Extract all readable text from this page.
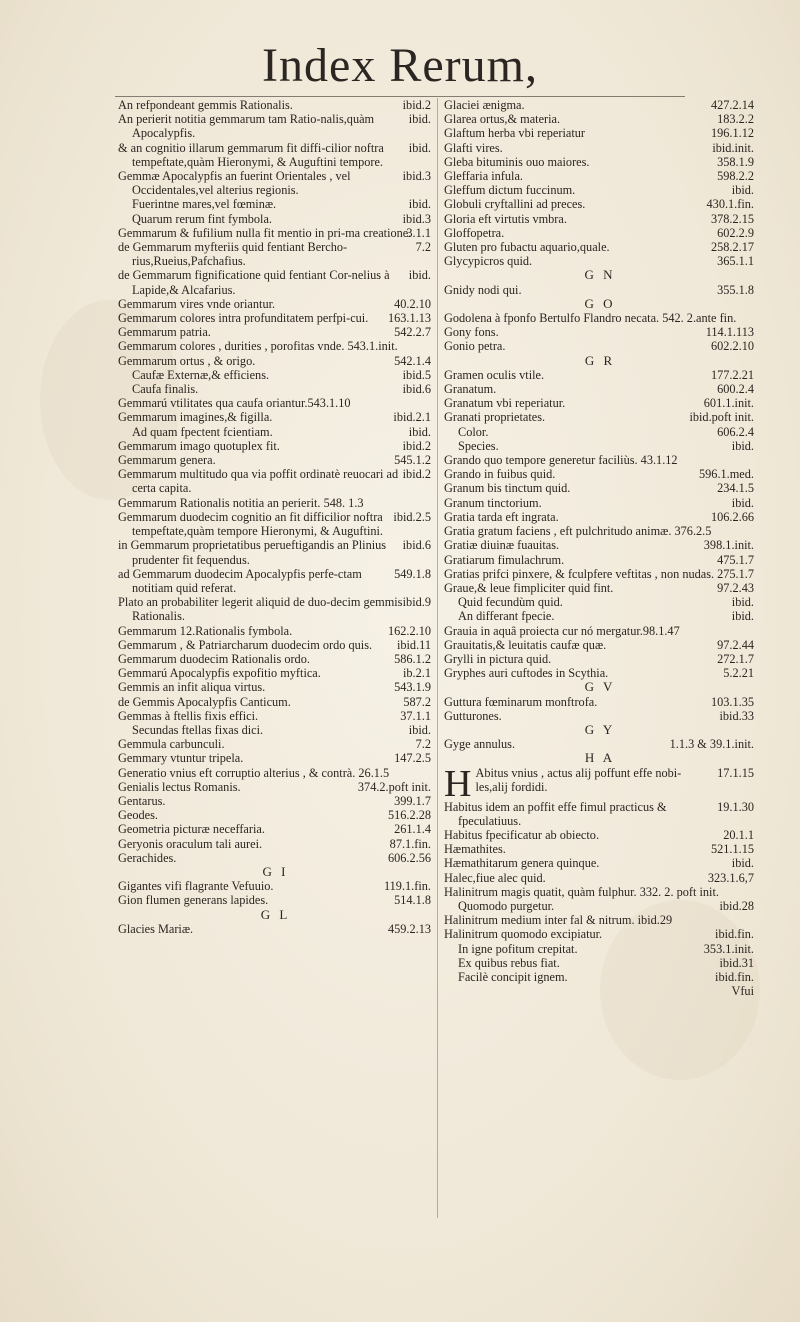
Index Rerum,
ibid.2
An refpondeant gemmis Rationalis.
ibid.
An perierit notitia gemmarum tam Ratio-nalis,quàm Apocalypfis.
ibid.
& an cognitio illarum gemmarum fit diffi-cilior noftra tempeftate,quàm Hieronymi, & Auguftini tempore.
ibid.3
Gemmæ Apocalypfis an fuerint Orientales , vel Occidentales,vel alterius regionis.
ibid.
Fuerintne mares,vel fœminæ.
ibid.3
Quarum rerum fint fymbola.
3.1.1
Gemmarum & fufilium nulla fit mentio in pri-ma creatione.
7.2
de Gemmarum myfteriis quid fentiant Bercho-rius,Rueius,Pafchafius.
ibid.
de Gemmarum fignificatione quid fentiant Cor-nelius à Lapide,& Alcafarius.
40.2.10
Gemmarum vires vnde oriantur.
163.1.13
Gemmarum colores intra profunditatem perfpi-cui.
542.2.7
Gemmarum patria.
Gemmarum colores , durities , porofitas vnde. 543.1.init.
542.1.4
Gemmarum ortus , & origo.
ibid.5
Caufæ Externæ,& efficiens.
ibid.6
Caufa finalis.
Gemmarú vtilitates qua caufa oriantur.543.1.10
ibid.2.1
Gemmarum imagines,& figilla.
ibid.
Ad quam fpectent fcientiam.
ibid.2
Gemmarum imago quotuplex fit.
545.1.2
Gemmarum genera.
ibid.2
Gemmarum multitudo qua via poffit ordinatè reuocari ad certa capita.
Gemmarum Rationalis notitia an perierit. 548. 1.3
ibid.2.5
Gemmarum duodecim cognitio an fit difficilior noftra tempeftate,quàm tempore Hieronymi, & Auguftini.
ibid.6
in Gemmarum proprietatibus perueftigandis an Plinius prudenter fit fequendus.
549.1.8
ad Gemmarum duodecim Apocalypfis perfe-ctam notitiam quid referat.
ibid.9
Plato an probabiliter legerit aliquid de duo-decim gemmis Rationalis.
162.2.10
Gemmarum 12.Rationalis fymbola.
ibid.11
Gemmarum , & Patriarcharum duodecim ordo quis.
586.1.2
Gemmarum duodecim Rationalis ordo.
ib.2.1
Gemmarú Apocalypfis expofitio myftica.
543.1.9
Gemmis an infit aliqua virtus.
587.2
de Gemmis Apocalypfis Canticum.
37.1.1
Gemmas à ftellis fixis effici.
ibid.
Secundas ftellas fixas dici.
7.2
Gemmula carbunculi.
147.2.5
Gemmary vtuntur tripela.
Generatio vnius eft corruptio alterius , & contrà. 26.1.5
374.2.poft init.
Genialis lectus Romanis.
399.1.7
Gentarus.
516.2.28
Geodes.
261.1.4
Geometria picturæ neceffaria.
87.1.fin.
Geryonis oraculum tali aurei.
606.2.56
Gerachides.
G I
119.1.fin.
Gigantes vifi flagrante Vefuuio.
514.1.8
Gion flumen generans lapides.
G L
459.2.13
Glacies Mariæ.
427.2.14
Glaciei ænigma.
183.2.2
Glarea ortus,& materia.
196.1.12
Glaftum herba vbi reperiatur
ibid.init.
Glafti vires.
358.1.9
Gleba bituminis ouo maiores.
598.2.2
Gleffaria infula.
ibid.
Gleffum dictum fuccinum.
430.1.fin.
Globuli cryftallini ad preces.
378.2.15
Gloria eft virtutis vmbra.
602.2.9
Gloffopetra.
258.2.17
Gluten pro fubactu aquario,quale.
365.1.1
Glycypicros quid.
G N
355.1.8
Gnidy nodi qui.
G O
Godolena à fponfo Bertulfo Flandro necata. 542. 2.ante fin.
114.1.113
Gony fons.
602.2.10
Gonio petra.
G R
177.2.21
Gramen oculis vtile.
600.2.4
Granatum.
601.1.init.
Granatum vbi reperiatur.
ibid.poft init.
Granati proprietates.
606.2.4
Color.
ibid.
Species.
Grando quo tempore generetur faciliùs. 43.1.12
596.1.med.
Grando in fuibus quid.
234.1.5
Granum bis tinctum quid.
ibid.
Granum tinctorium.
106.2.66
Gratia tarda eft ingrata.
Gratia gratum faciens , eft pulchritudo animæ. 376.2.5
398.1.init.
Gratiæ diuinæ fuauitas.
475.1.7
Gratiarum fimulachrum.
275.1.7
Gratias prifci pinxere, & fculpfere veftitas , non nudas.
97.2.43
Graue,& leue fimpliciter quid fint.
ibid.
Quid fecundùm quid.
ibid.
An differant fpecie.
Grauia in aquâ proiecta cur nó mergatur.98.1.47
97.2.44
Grauitatis,& leuitatis caufæ quæ.
272.1.7
Grylli in pictura quid.
5.2.21
Gryphes auri cuftodes in Scythia.
G V
103.1.35
Guttura fœminarum monftrofa.
ibid.33
Gutturones.
G Y
1.1.3 & 39.1.init.
Gyge annulus.
H A
H	17.1.15
Abitus vnius , actus alij poffunt effe nobi-les,alij fordidi.
19.1.30
Habitus idem an poffit effe fimul practicus & fpeculatiuus.
20.1.1
Habitus fpecificatur ab obiecto.
521.1.15
Hæmathites.
ibid.
Hæmathitarum genera quinque.
323.1.6,7
Halec,fiue alec quid.
Halinitrum magis quatit, quàm fulphur. 332. 2. poft init.
ibid.28
Quomodo purgetur.
Halinitrum medium inter fal & nitrum. ibid.29
ibid.fin.
Halinitrum quomodo excipiatur.
353.1.init.
In igne pofitum crepitat.
ibid.31
Ex quibus rebus fiat.
ibid.fin.
Facilè concipit ignem.
Vfui
